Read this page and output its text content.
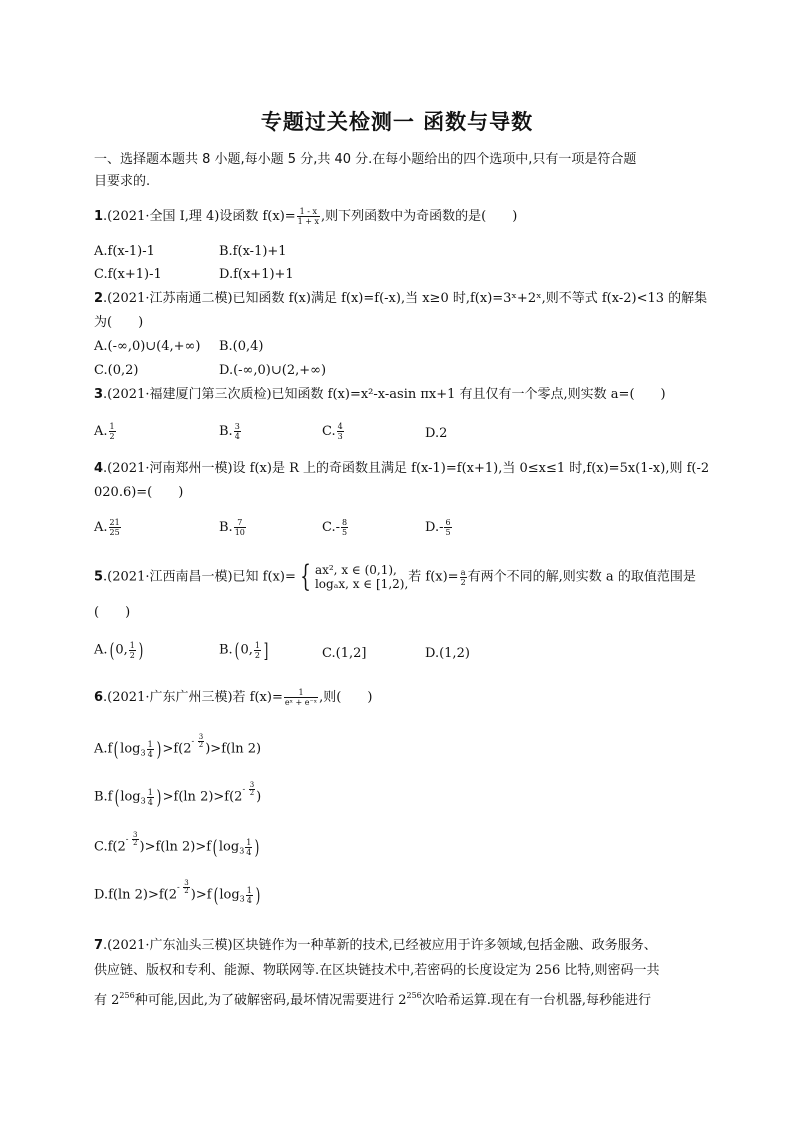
专题过关检测一 函数与导数
一、选择题本题共 8 小题,每小题 5 分,共 40 分.在每小题给出的四个选项中,只有一项是符合题
目要求的.
1.(2021·全国 Ⅰ,理 4)设函数 $f(x)= \frac{1 - x}{1 + x}$ ,则下列函数中为奇函数的是(　　)
A.f(x-1)-1	B.f(x-1)+1
C.f(x+1)-1	D.f(x+1)+1
2.(2021·江苏南通二模)已知函数 f(x)满足 f(x)=f(-x),当 x≥0 时,f(x)=3ˣ+2ˣ,则不等式 f(x-2)<13 的解集
为(　　)
A.(-∞,0)∪(4,+∞) B.(0,4)
C.(0,2)	D.(-∞,0)∪(2,+∞)
3.(2021·福建厦门第三次质检)已知函数 f(x)=x²-x-asin πx+1 有且仅有一个零点,则实数 a=(　　)
A. $\frac{1}{2}$	B. $\frac{3}{4}$	C. $\frac{4}{3}$	D.2
4.(2021·河南郑州一模)设 f(x)是 R 上的奇函数且满足 f(x-1)=f(x+1),当 0≤x≤1 时,f(x)=5x(1-x),则 f(-2
020.6)=(　　)
A. $\frac{21}{25}$	B. $\frac{7}{10}$	$C.- \frac{8}{5}$	$D.- \frac{6}{5}$
5.(2021·江西南昌一模)已知 f(x)= { ax², x ∈ (0,1),
logₐx, x ∈ [1,2), 若 $f(x)= \frac{a}{2}$ 有两个不同的解,则实数 a 的取值范围是
(　　)
A.( 0, $\frac{1}{2}$ )	B.( 0, $\frac{1}{2}$ ]	C.(1,2]	D.(1,2)
6.(2021·广东广州三模)若 $f(x)= \frac{1}{\text{eˣ + e⁻ˣ}}$ ,则(　　)
A.f( $\log_3 \frac{1}{4}$ ) $>f(2- \frac{3}{2} )>f(\ln$ 2)
B.f( $\log_3 \frac{1}{4}$ ) >f(ln $2)>f(2- \frac{3}{2}$ )
$C.f(2- \frac{3}{2} )>f(\ln$ 2)>f( $\log_3 \frac{1}{4}$ )
D.f(ln $2)>f(2- \frac{3}{2} )>f$( $\log_3 \frac{1}{4}$ )
7.(2021·广东汕头三模)区块链作为一种革新的技术,已经被应用于许多领域,包括金融、政务服务、
供应链、版权和专利、能源、物联网等.在区块链技术中,若密码的长度设定为 256 比特,则密码一共
有 $2^{256}$种可能,因此,为了破解密码,最坏情况需要进行 $2^{256}$次哈希运算.现在有一台机器,每秒能进行
